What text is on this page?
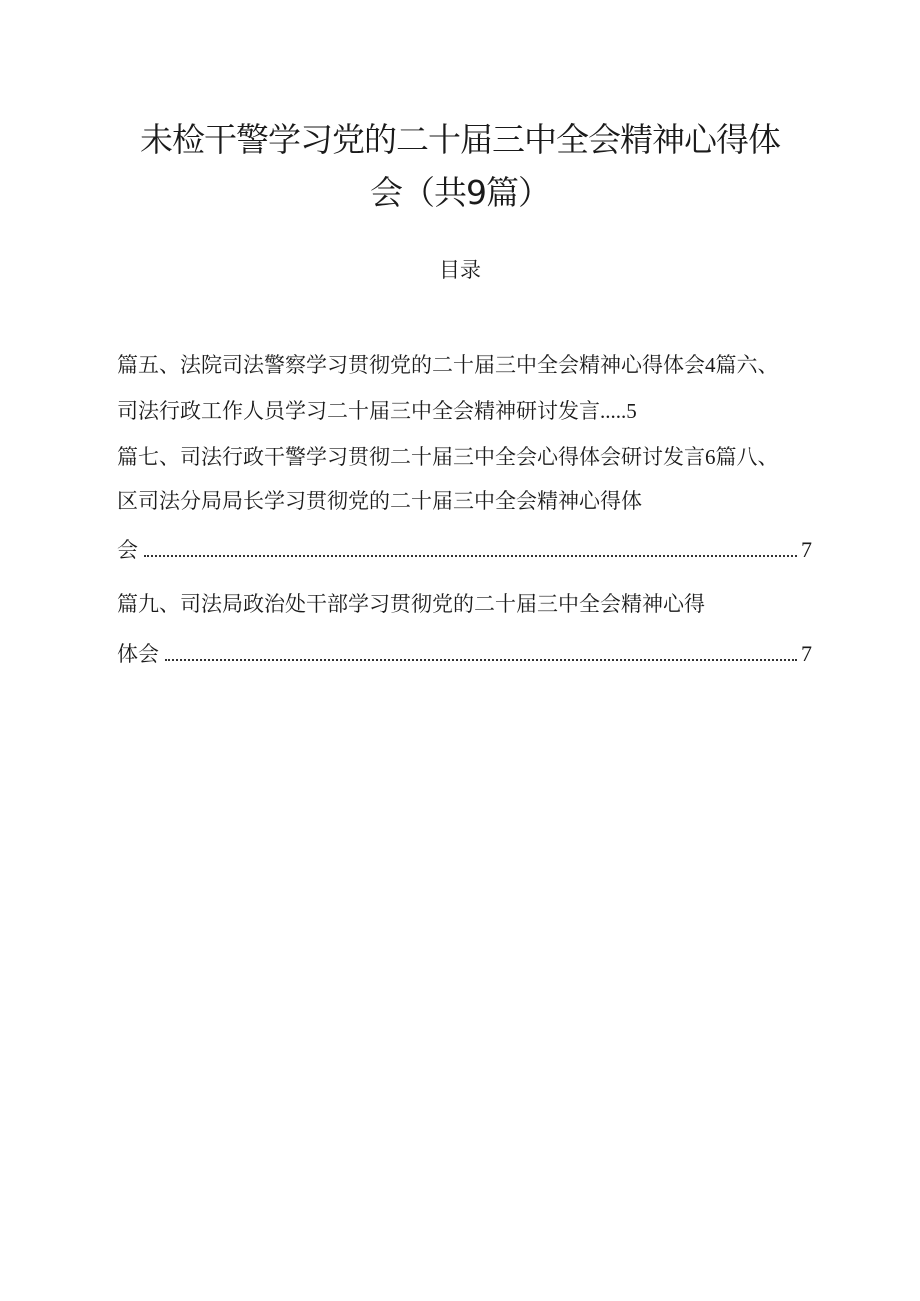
未检干警学习党的二十届三中全会精神心得体
会（共9篇）
目录
篇五、法院司法警察学习贯彻党的二十届三中全会精神心得体会4篇六、
司法行政工作人员学习二十届三中全会精神研讨发言.....5
篇七、司法行政干警学习贯彻二十届三中全会心得体会研讨发言6篇八、
区司法分局局长学习贯彻党的二十届三中全会精神心得体
会	7
篇九、司法局政治处干部学习贯彻党的二十届三中全会精神心得
体会	7
